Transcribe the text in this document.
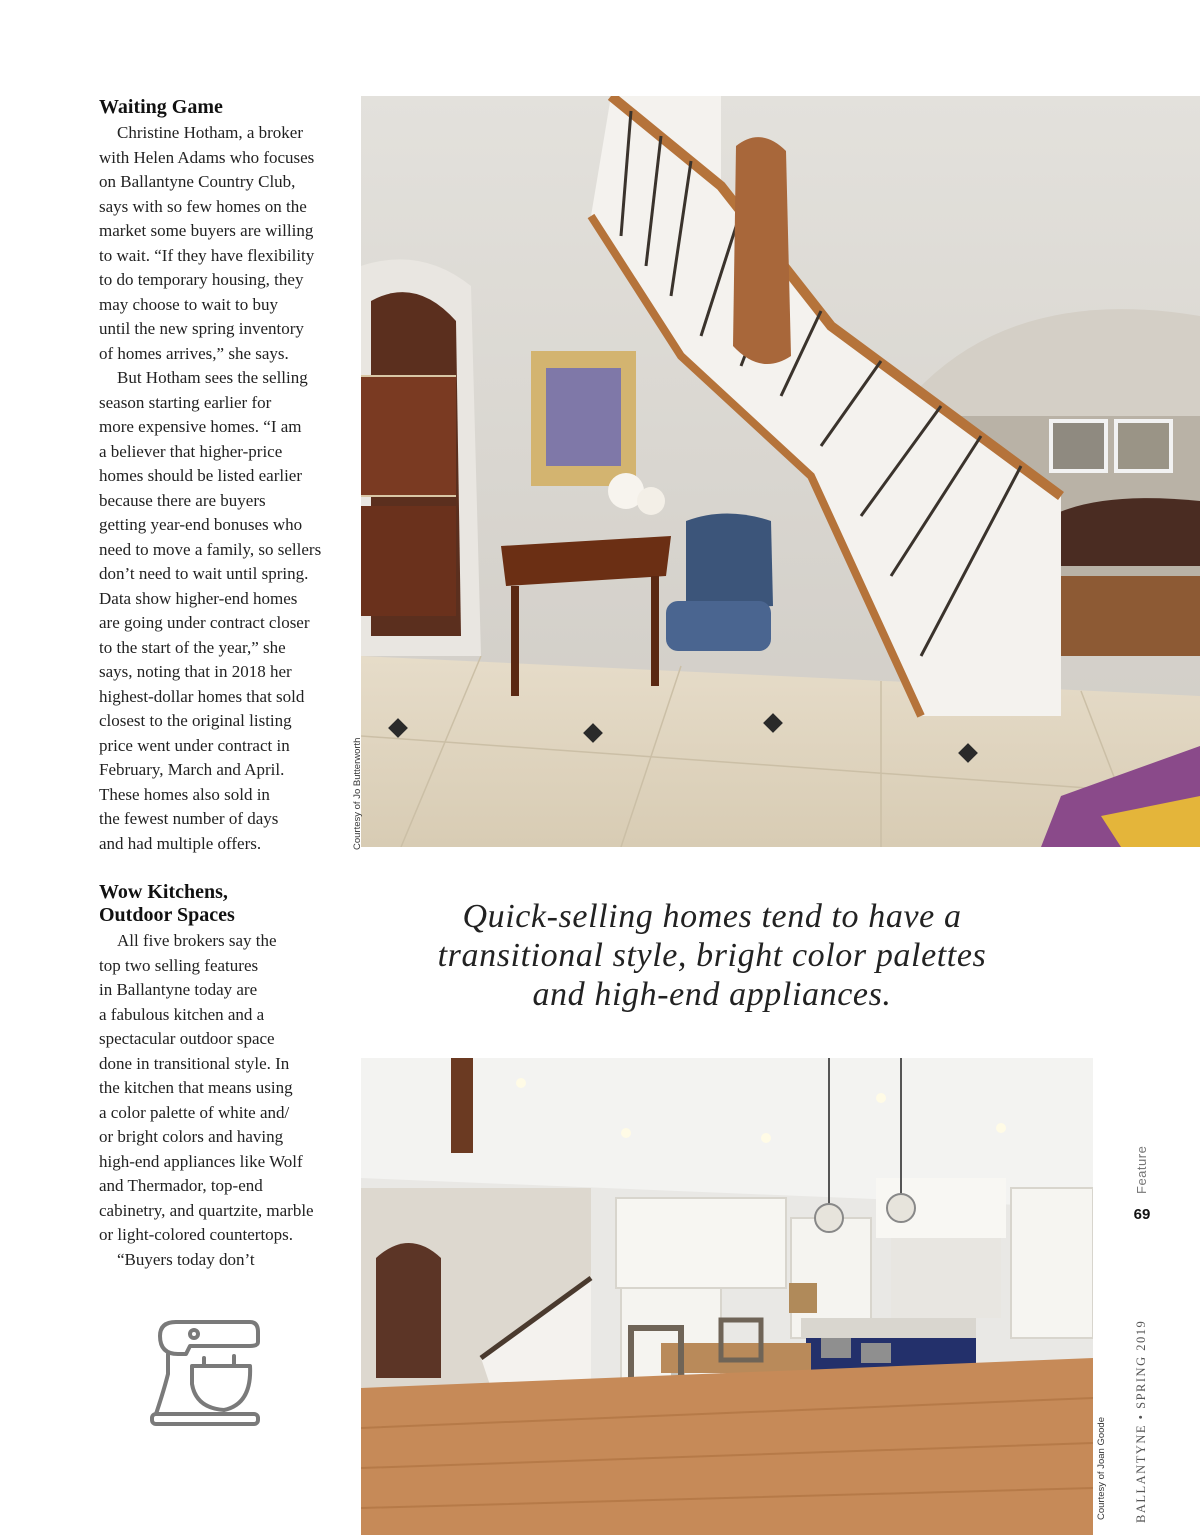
Waiting Game
Christine Hotham, a broker
with Helen Adams who focuses
on Ballantyne Country Club,
says with so few homes on the
market some buyers are willing
to wait. “If they have flexibility
to do temporary housing, they
may choose to wait to buy
until the new spring inventory
of homes arrives,” she says.
But Hotham sees the selling
season starting earlier for
more expensive homes. “I am
a believer that higher-price
homes should be listed earlier
because there are buyers
getting year-end bonuses who
need to move a family, so sellers
don’t need to wait until spring.
Data show higher-end homes
are going under contract closer
to the start of the year,” she
says, noting that in 2018 her
highest-dollar homes that sold
closest to the original listing
price went under contract in
February, March and April.
These homes also sold in
the fewest number of days
and had multiple offers.
Wow Kitchens,
Outdoor Spaces
All five brokers say the
top two selling features
in Ballantyne today are
a fabulous kitchen and a
spectacular outdoor space
done in transitional style. In
the kitchen that means using
a color palette of white and/
or bright colors and having
high-end appliances like Wolf
and Thermador, top-end
cabinetry, and quartzite, marble
or light-colored countertops.
“Buyers today don’t
Courtesy of Jo Butterworth
Quick-selling homes tend to have a
transitional style, bright color palettes
and high-end appliances.
Courtesy of Joan Goode
Feature
69
BALLANTYNE • SPRING 2019
